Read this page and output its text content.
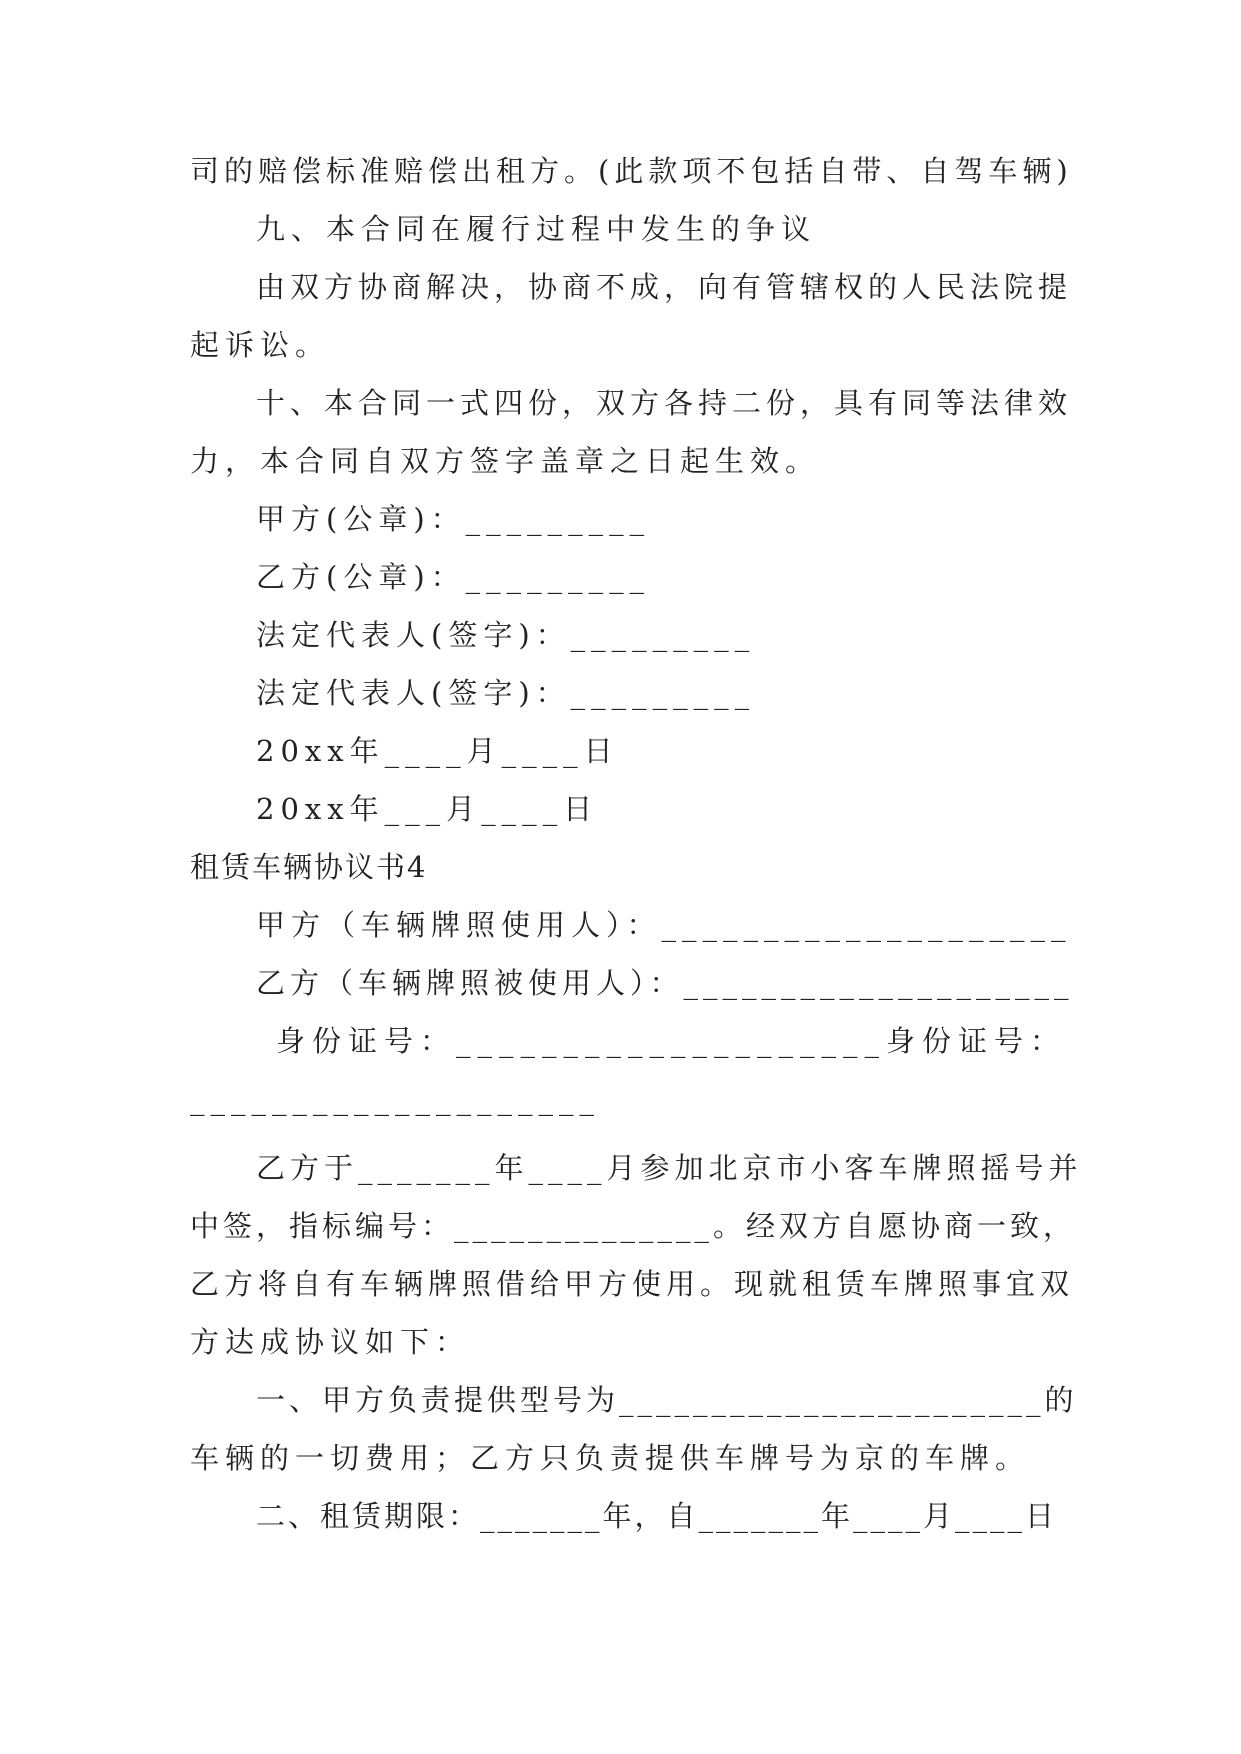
司的赔偿标准赔偿出租方。(此款项不包括自带、自驾车辆)

九、本合同在履行过程中发生的争议

由双方协商解决，协商不成，向有管辖权的人民法院提

起诉讼。

十、本合同一式四份，双方各持二份，具有同等法律效

力，本合同自双方签字盖章之日起生效。

甲方(公章)：_________

乙方(公章)：_________

法定代表人(签字)：_________

法定代表人(签字)：_________

20xx年____月____日

20xx年___月____日

租赁车辆协议书4

甲方（车辆牌照使用人）：____________________

乙方（车辆牌照被使用人）：____________________

身份证号：____________________身份证号：

____________________

乙方于_______年____月参加北京市小客车牌照摇号并

中签，指标编号：______________。经双方自愿协商一致，

乙方将自有车辆牌照借给甲方使用。现就租赁车牌照事宜双

方达成协议如下：

一、甲方负责提供型号为_______________________的

车辆的一切费用；乙方只负责提供车牌号为京的车牌。

二、租赁期限：_______年，自_______年____月____日
